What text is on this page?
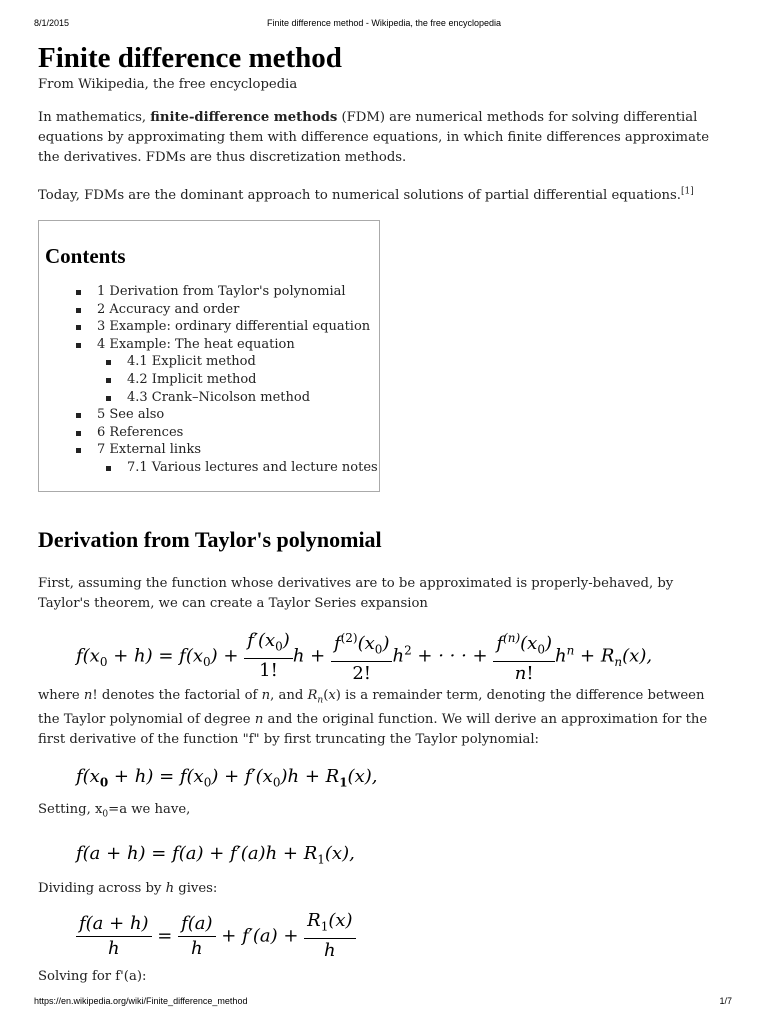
8/1/2015	Finite difference method - Wikipedia, the free encyclopedia
Finite difference method
From Wikipedia, the free encyclopedia

In mathematics, finite-difference methods (FDM) are numerical methods for solving differential equations by approximating them with difference equations, in which finite differences approximate the derivatives. FDMs are thus discretization methods.

Today, FDMs are the dominant approach to numerical solutions of partial differential equations.[1]

Contents
1 Derivation from Taylor's polynomial
2 Accuracy and order
3 Example: ordinary differential equation
4 Example: The heat equation
4.1 Explicit method
4.2 Implicit method
4.3 Crank–Nicolson method
5 See also
6 References
7 External links
7.1 Various lectures and lecture notes
Derivation from Taylor's polynomial

First, assuming the function whose derivatives are to be approximated is properly-behaved, by Taylor's theorem, we can create a Taylor Series expansion

$f(x_0 + h) = f(x_0) + \frac{f'(x_0)}{1!}$ $h + \frac{f^{(2)}(x_0)}{2!} h^2$ + · · · + $\frac{f^{(n)}(x_0)}{n!} h^n + R_n(x)$,

where n! denotes the factorial of n, and $R_n(x)$ is a remainder term, denoting the difference between the Taylor polynomial of degree n and the original function. We will derive an approximation for the first derivative of the function "f" by first truncating the Taylor polynomial:

$f(x_0 + h) = f(x_0) + f'(x_0)h + R_1(x)$,

Setting, $x_0=a$ we have,

$f(a + h) = f(a) + f'(a)h + R_1(x)$,

Dividing across by h gives:

$\frac{f(a + h)}{h} = \frac{f(a)}{h} + f'(a) + \frac{R_1(x)}{h}$

Solving for f'(a):

https://en.wikipedia.org/wiki/Finite_difference_method	1/7
